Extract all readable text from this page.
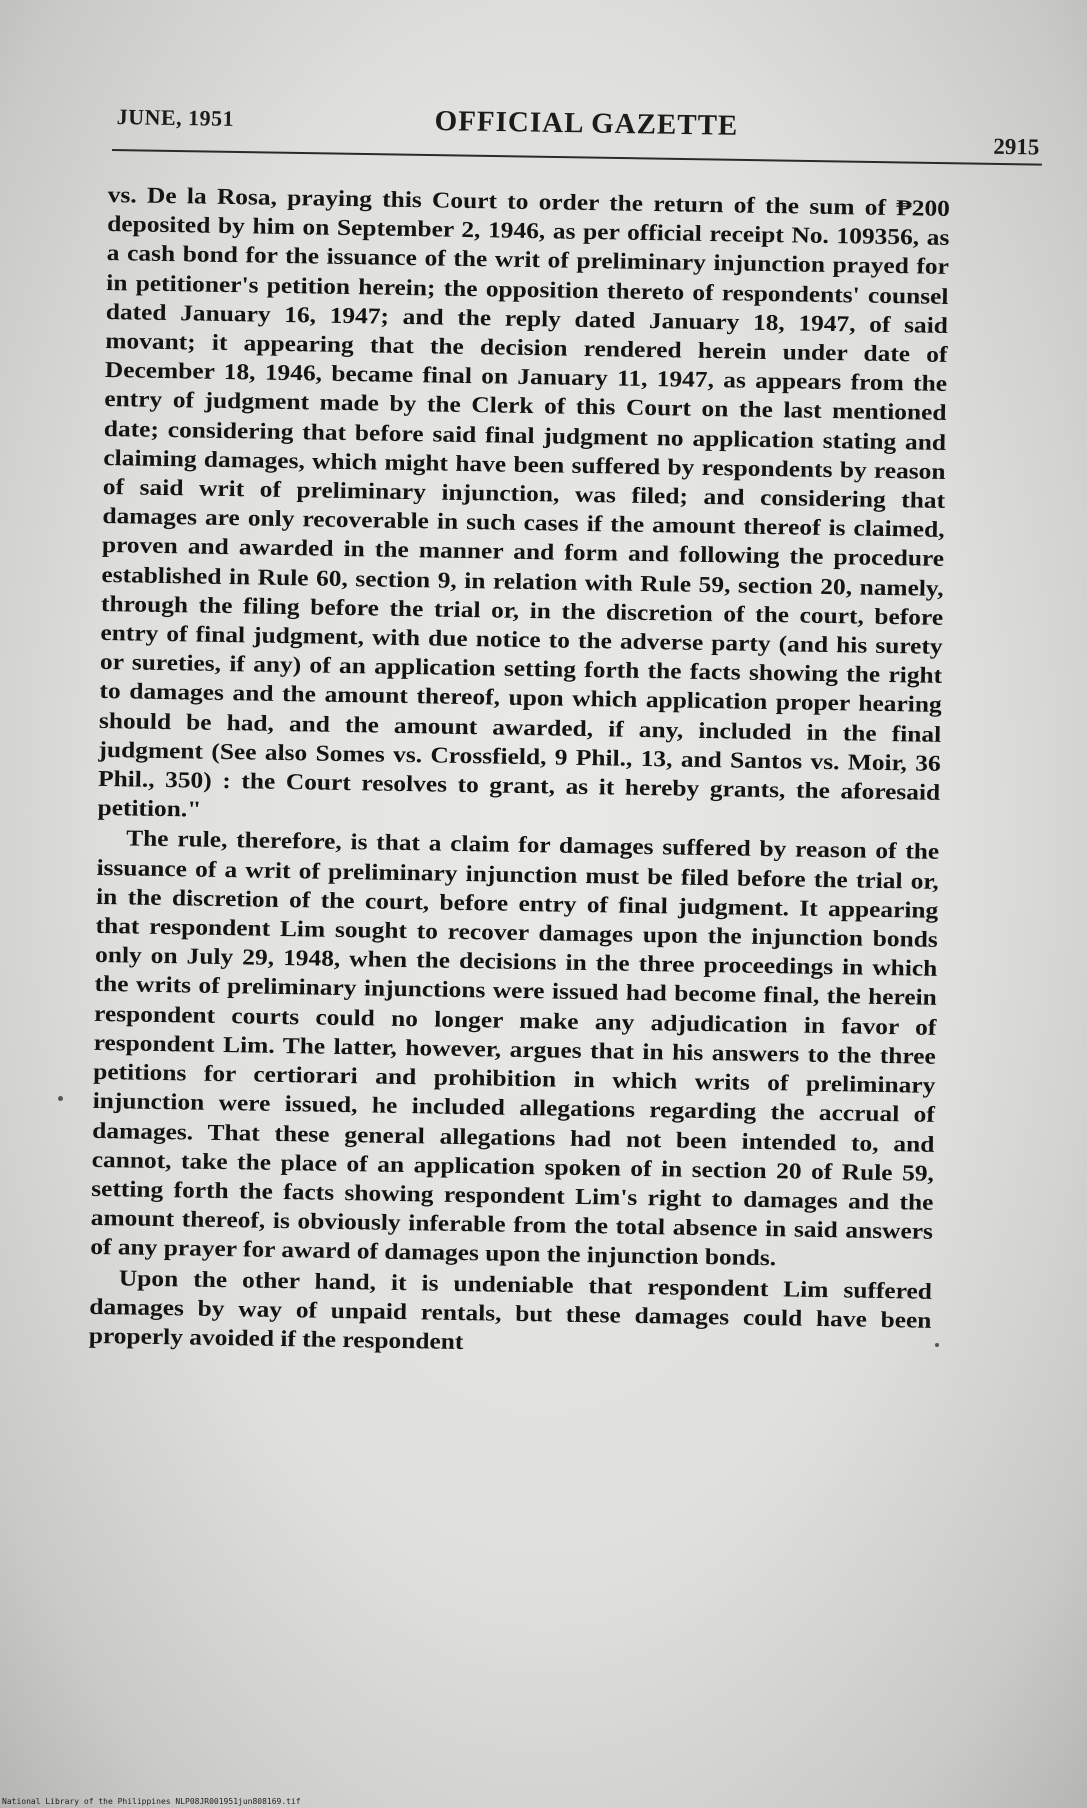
JUNE, 1951	OFFICIAL GAZETTE
2915

vs. De la Rosa, praying this Court to order the return of the sum of ₱200 deposited by him on September 2, 1946, as per official receipt No. 109356, as a cash bond for the issuance of the writ of preliminary injunction prayed for in petitioner's petition herein; the opposition thereto of respondents' counsel dated January 16, 1947; and the reply dated January 18, 1947, of said movant; it appearing that the decision rendered herein under date of December 18, 1946, became final on January 11, 1947, as appears from the entry of judgment made by the Clerk of this Court on the last mentioned date; considering that before said final judgment no application stating and claiming damages, which might have been suffered by respondents by reason of said writ of preliminary injunction, was filed; and considering that damages are only recoverable in such cases if the amount thereof is claimed, proven and awarded in the manner and form and following the procedure established in Rule 60, section 9, in relation with Rule 59, section 20, namely, through the filing before the trial or, in the discretion of the court, before entry of final judgment, with due notice to the adverse party (and his surety or sureties, if any) of an application setting forth the facts showing the right to damages and the amount thereof, upon which application proper hearing should be had, and the amount awarded, if any, included in the final judgment (See also Somes vs. Crossfield, 9 Phil., 13, and Santos vs. Moir, 36 Phil., 350) : the Court resolves to grant, as it hereby grants, the aforesaid petition."

The rule, therefore, is that a claim for damages suffered by reason of the issuance of a writ of preliminary injunction must be filed before the trial or, in the discretion of the court, before entry of final judgment. It appearing that respondent Lim sought to recover damages upon the injunction bonds only on July 29, 1948, when the decisions in the three proceedings in which the writs of preliminary injunctions were issued had become final, the herein respondent courts could no longer make any adjudication in favor of respondent Lim. The latter, however, argues that in his answers to the three petitions for certiorari and prohibition in which writs of preliminary injunction were issued, he included allegations regarding the accrual of damages. That these general allegations had not been intended to, and cannot, take the place of an application spoken of in section 20 of Rule 59, setting forth the facts showing respondent Lim's right to damages and the amount thereof, is obviously inferable from the total absence in said answers of any prayer for award of damages upon the injunction bonds.

Upon the other hand, it is undeniable that respondent Lim suffered damages by way of unpaid rentals, but these damages could have been properly avoided if the respondent

National Library of the Philippines NLP08JR001951jun808169.tif
